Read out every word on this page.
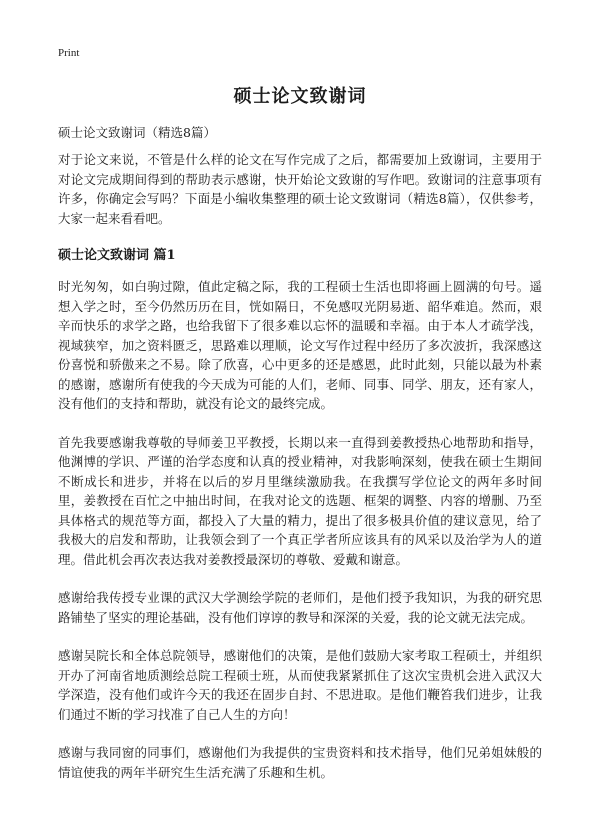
Print
硕士论文致谢词
硕士论文致谢词（精选8篇）

对于论文来说，不管是什么样的论文在写作完成了之后，都需要加上致谢词，主要用于对论文完成期间得到的帮助表示感谢，快开始论文致谢的写作吧。致谢词的注意事项有许多，你确定会写吗？下面是小编收集整理的硕士论文致谢词（精选8篇），仅供参考，大家一起来看看吧。

硕士论文致谢词 篇1

时光匆匆，如白驹过隙，值此定稿之际，我的工程硕士生活也即将画上圆满的句号。遥想入学之时，至今仍然历历在目，恍如隔日，不免感叹光阴易逝、韶华难追。然而，艰辛而快乐的求学之路，也给我留下了很多难以忘怀的温暖和幸福。由于本人才疏学浅，视域狭窄，加之资料匮乏，思路难以理顺，论文写作过程中经历了多次波折，我深感这份喜悦和骄傲来之不易。除了欣喜，心中更多的还是感恩，此时此刻，只能以最为朴素的感谢，感谢所有使我的今天成为可能的人们，老师、同事、同学、朋友，还有家人，没有他们的支持和帮助，就没有论文的最终完成。

首先我要感谢我尊敬的导师姜卫平教授，长期以来一直得到姜教授热心地帮助和指导，他渊博的学识、严谨的治学态度和认真的授业精神，对我影响深刻，使我在硕士生期间不断成长和进步，并将在以后的岁月里继续激励我。在我撰写学位论文的两年多时间里，姜教授在百忙之中抽出时间，在我对论文的选题、框架的调整、内容的增删、乃至具体格式的规范等方面，都投入了大量的精力，提出了很多极具价值的建议意见，给了我极大的启发和帮助，让我领会到了一个真正学者所应该具有的风采以及治学为人的道理。借此机会再次表达我对姜教授最深切的尊敬、爱戴和谢意。

感谢给我传授专业课的武汉大学测绘学院的老师们，是他们授予我知识，为我的研究思路铺垫了坚实的理论基础，没有他们谆谆的教导和深深的关爱，我的论文就无法完成。

感谢吴院长和全体总院领导，感谢他们的决策，是他们鼓励大家考取工程硕士，并组织开办了河南省地质测绘总院工程硕士班，从而使我紧紧抓住了这次宝贵机会进入武汉大学深造，没有他们或许今天的我还在固步自封、不思进取。是他们鞭笞我们进步，让我们通过不断的学习找准了自己人生的方向！

感谢与我同窗的同事们，感谢他们为我提供的宝贵资料和技术指导，他们兄弟姐妹般的情谊使我的两年半研究生生活充满了乐趣和生机。
